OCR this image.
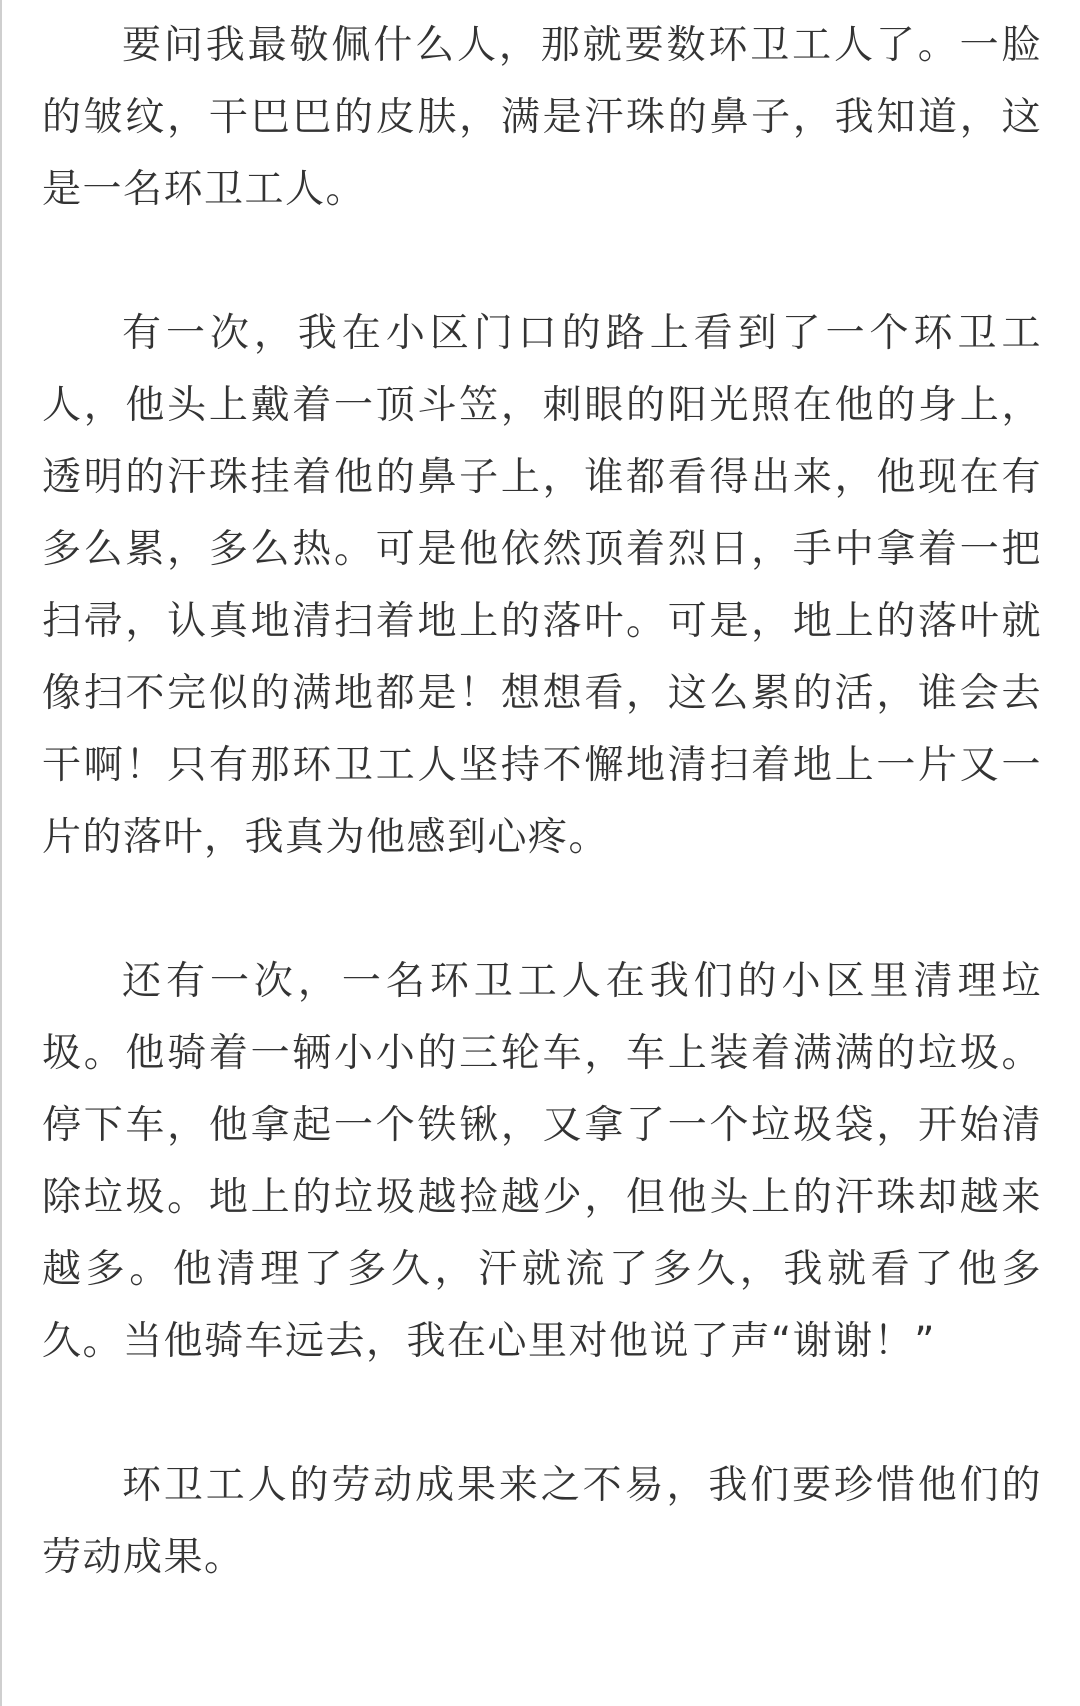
要问我最敬佩什么人，那就要数环卫工人了。一脸的皱纹，干巴巴的皮肤，满是汗珠的鼻子，我知道，这是一名环卫工人。

有一次，我在小区门口的路上看到了一个环卫工人，他头上戴着一顶斗笠，刺眼的阳光照在他的身上，透明的汗珠挂着他的鼻子上，谁都看得出来，他现在有多么累，多么热。可是他依然顶着烈日，手中拿着一把扫帚，认真地清扫着地上的落叶。可是，地上的落叶就像扫不完似的满地都是！想想看，这么累的活，谁会去干啊！只有那环卫工人坚持不懈地清扫着地上一片又一片的落叶，我真为他感到心疼。

还有一次，一名环卫工人在我们的小区里清理垃圾。他骑着一辆小小的三轮车，车上装着满满的垃圾。停下车，他拿起一个铁锹，又拿了一个垃圾袋，开始清除垃圾。地上的垃圾越捡越少，但他头上的汗珠却越来越多。他清理了多久，汗就流了多久，我就看了他多久。当他骑车远去，我在心里对他说了声“谢谢！”

环卫工人的劳动成果来之不易，我们要珍惜他们的劳动成果。
